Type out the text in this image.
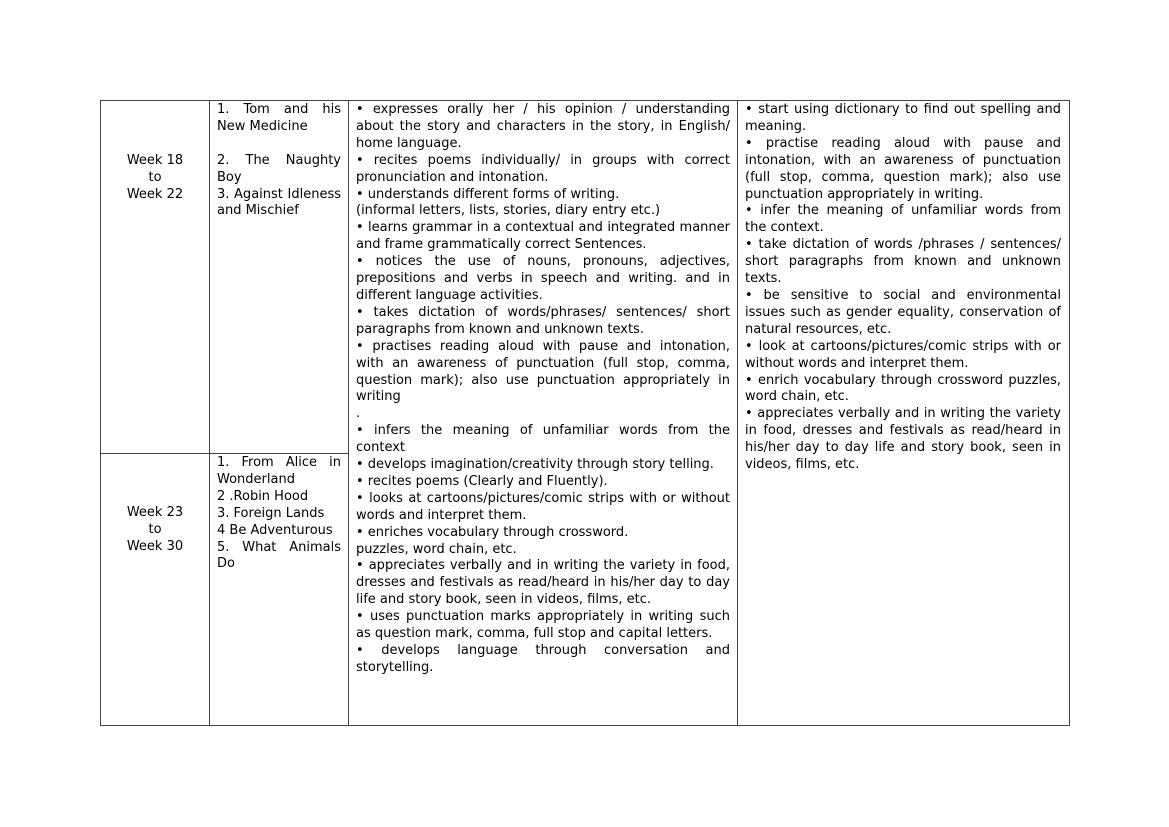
Week 18
to
Week 22

1. Tom and his New Medicine

2. The Naughty Boy

3. Against Idleness and Mischief

Week 23
to
Week 30

1. From Alice in Wonderland

2 .Robin Hood

3. Foreign Lands

4 Be Adventurous

5. What Animals Do

• expresses orally her / his opinion / understanding about the story and characters in the story, in English/ home language.

• recites poems individually/ in groups with correct pronunciation and intonation.

• understands different forms of writing.

(informal letters, lists, stories, diary entry etc.)

• learns grammar in a contextual and integrated manner and frame grammatically correct Sentences.

• notices the use of nouns, pronouns, adjectives, prepositions and verbs in speech and writing. and in different language activities.

• takes dictation of words/phrases/ sentences/ short paragraphs from known and unknown texts.

• practises reading aloud with pause and intonation, with an awareness of punctuation (full stop, comma, question mark); also use punctuation appropriately in writing

.

• infers the meaning of unfamiliar words from the context

• develops imagination/creativity through story telling.

• recites poems (Clearly and Fluently).

• looks at cartoons/pictures/comic strips with or without words and interpret them.

• enriches vocabulary through crossword.

puzzles, word chain, etc.

• appreciates verbally and in writing the variety in food, dresses and festivals as read/heard in his/her day to day life and story book, seen in videos, films, etc.

• uses punctuation marks appropriately in writing such as question mark, comma, full stop and capital letters.

• develops language through conversation and storytelling.

• start using dictionary to find out spelling and meaning.

• practise reading aloud with pause and intonation, with an awareness of punctuation (full stop, comma, question mark); also use punctuation appropriately in writing.

• infer the meaning of unfamiliar words from the context.

• take dictation of words /phrases / sentences/ short paragraphs from known and unknown texts.

• be sensitive to social and environmental issues such as gender equality, conservation of natural resources, etc.

• look at cartoons/pictures/comic strips with or without words and interpret them.

• enrich vocabulary through crossword puzzles, word chain, etc.

• appreciates verbally and in writing the variety in food, dresses and festivals as read/heard in his/her day to day life and story book, seen in videos, films, etc.
